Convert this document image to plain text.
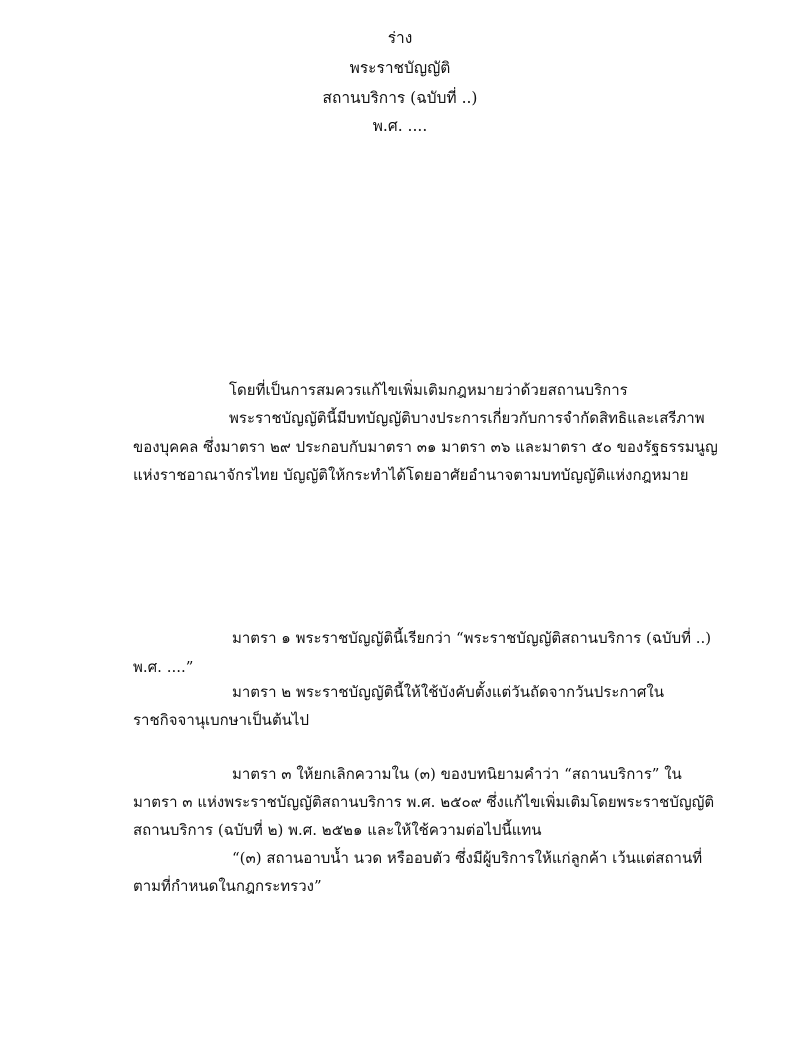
ร่าง
พระราชบัญญัติ
สถานบริการ (ฉบับที่ ..)
พ.ศ. ....
โดยที่เป็นการสมควรแก้ไขเพิ่มเติมกฎหมายว่าด้วยสถานบริการ
พระราชบัญญัตินี้มีบทบัญญัติบางประการเกี่ยวกับการจำกัดสิทธิและเสรีภาพ
ของบุคคล ซึ่งมาตรา ๒๙ ประกอบกับมาตรา ๓๑ มาตรา ๓๖ และมาตรา ๕๐ ของรัฐธรรมนูญ
แห่งราชอาณาจักรไทย บัญญัติให้กระทำได้โดยอาศัยอำนาจตามบทบัญญัติแห่งกฎหมาย
มาตรา ๑ พระราชบัญญัตินี้เรียกว่า “พระราชบัญญัติสถานบริการ (ฉบับที่ ..)
พ.ศ. ....”
มาตรา ๒ พระราชบัญญัตินี้ให้ใช้บังคับตั้งแต่วันถัดจากวันประกาศใน
ราชกิจจานุเบกษาเป็นต้นไป
มาตรา ๓ ให้ยกเลิกความใน (๓) ของบทนิยามคำว่า “สถานบริการ” ใน
มาตรา ๓ แห่งพระราชบัญญัติสถานบริการ พ.ศ. ๒๕๐๙ ซึ่งแก้ไขเพิ่มเติมโดยพระราชบัญญัติ
สถานบริการ (ฉบับที่ ๒) พ.ศ. ๒๕๒๑ และให้ใช้ความต่อไปนี้แทน
“(๓) สถานอาบน้ำ นวด หรืออบตัว ซึ่งมีผู้บริการให้แก่ลูกค้า เว้นแต่สถานที่
ตามที่กำหนดในกฎกระทรวง”
